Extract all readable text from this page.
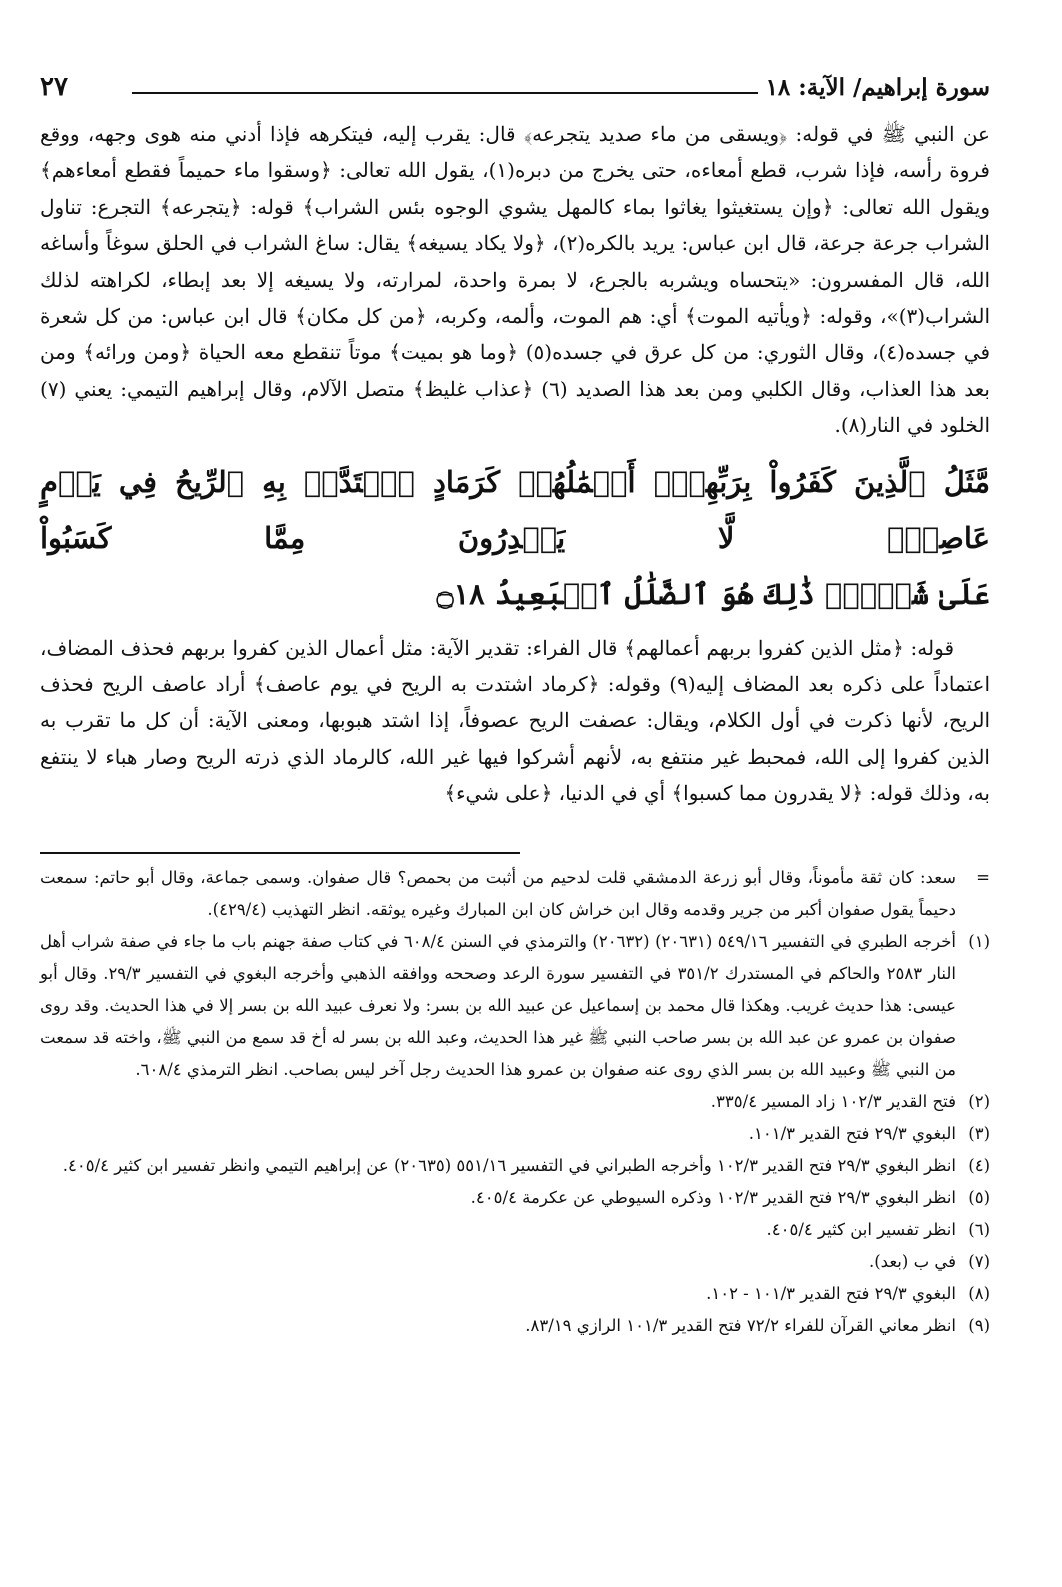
سورة إبراهيم/ الآية: ١٨
٢٧

عن النبي ﷺ في قوله: ﴿ويسقى من ماء صديد يتجرعه﴾ قال: يقرب إليه، فيتكرهه فإذا أدني منه هوى وجهه، ووقع فروة رأسه، فإذا شرب، قطع أمعاءه، حتى يخرج من دبره(١)، يقول الله تعالى: ﴿وسقوا ماء حميماً فقطع أمعاءهم﴾ ويقول الله تعالى: ﴿وإن يستغيثوا يغاثوا بماء كالمهل يشوي الوجوه بئس الشراب﴾ قوله: ﴿يتجرعه﴾ التجرع: تناول الشراب جرعة جرعة، قال ابن عباس: يريد بالكره(٢)، ﴿ولا يكاد يسيغه﴾ يقال: ساغ الشراب في الحلق سوغاً وأساغه الله، قال المفسرون: «يتحساه ويشربه بالجرع، لا بمرة واحدة، لمرارته، ولا يسيغه إلا بعد إبطاء، لكراهته لذلك الشراب(٣)»، وقوله: ﴿ويأتيه الموت﴾ أي: هم الموت، وألمه، وكربه، ﴿من كل مكان﴾ قال ابن عباس: من كل شعرة في جسده(٤)، وقال الثوري: من كل عرق في جسده(٥) ﴿وما هو بميت﴾ موتاً تنقطع معه الحياة ﴿ومن ورائه﴾ ومن بعد هذا العذاب، وقال الكلبي ومن بعد هذا الصديد (٦) ﴿عذاب غليظ﴾ متصل الآلام، وقال إبراهيم التيمي: يعني (٧) الخلود في النار(٨).

مَّثَلُ ٱلَّذِينَ كَفَرُواْ بِرَبِّهِمۡۖ أَعۡمَٰلُهُمۡ كَرَمَادٍ ٱشۡتَدَّتۡ بِهِ ٱلرِّيحُ فِي يَوۡمٍ عَاصِفٖۖ لَّا يَقۡدِرُونَ مِمَّا كَسَبُواْ
عَلَىٰ شَيۡءٖۚ ذَٰلِكَ هُوَ ٱلضَّلَٰلُ ٱلۡبَعِيدُ ۝١٨

قوله: ﴿مثل الذين كفروا بربهم أعمالهم﴾ قال الفراء: تقدير الآية: مثل أعمال الذين كفروا بربهم فحذف المضاف، اعتماداً على ذكره بعد المضاف إليه(٩) وقوله: ﴿كرماد اشتدت به الريح في يوم عاصف﴾ أراد عاصف الريح فحذف الريح، لأنها ذكرت في أول الكلام، ويقال: عصفت الريح عصوفاً، إذا اشتد هبوبها، ومعنى الآية: أن كل ما تقرب به الذين كفروا إلى الله، فمحبط غير منتفع به، لأنهم أشركوا فيها غير الله، كالرماد الذي ذرته الريح وصار هباء لا ينتفع به، وذلك قوله: ﴿لا يقدرون مما كسبوا﴾ أي في الدنيا، ﴿على شيء﴾

=
سعد: كان ثقة مأموناً، وقال أبو زرعة الدمشقي قلت لدحيم من أثبت من بحمص؟ قال صفوان. وسمى جماعة، وقال أبو حاتم: سمعت دحيماً يقول صفوان أكبر من جرير وقدمه وقال ابن خراش كان ابن المبارك وغيره يوثقه. انظر التهذيب (٤٢٩/٤).
(١)
أخرجه الطبري في التفسير ٥٤٩/١٦ (٢٠٦٣١) (٢٠٦٣٢) والترمذي في السنن ٦٠٨/٤ في كتاب صفة جهنم باب ما جاء في صفة شراب أهل النار ٢٥٨٣ والحاكم في المستدرك ٣٥١/٢ في التفسير سورة الرعد وصححه ووافقه الذهبي وأخرجه البغوي في التفسير ٢٩/٣. وقال أبو عيسى: هذا حديث غريب. وهكذا قال محمد بن إسماعيل عن عبيد الله بن بسر: ولا نعرف عبيد الله بن بسر إلا في هذا الحديث. وقد روى صفوان بن عمرو عن عبد الله بن بسر صاحب النبي ﷺ غير هذا الحديث، وعبد الله بن بسر له أخ قد سمع من النبي ﷺ، واخته قد سمعت من النبي ﷺ وعبيد الله بن بسر الذي روى عنه صفوان بن عمرو هذا الحديث رجل آخر ليس بصاحب. انظر الترمذي ٦٠٨/٤.
(٢)
فتح القدير ١٠٢/٣ زاد المسير ٣٣٥/٤.
(٣)
البغوي ٢٩/٣ فتح القدير ١٠١/٣.
(٤)
انظر البغوي ٢٩/٣ فتح القدير ١٠٢/٣ وأخرجه الطبراني في التفسير ٥٥١/١٦ (٢٠٦٣٥) عن إبراهيم التيمي وانظر تفسير ابن كثير ٤٠٥/٤.
(٥)
انظر البغوي ٢٩/٣ فتح القدير ١٠٢/٣ وذكره السيوطي عن عكرمة ٤٠٥/٤.
(٦)
انظر تفسير ابن كثير ٤٠٥/٤.
(٧)
في ب (بعد).
(٨)
البغوي ٢٩/٣ فتح القدير ١٠١/٣ - ١٠٢.
(٩)
انظر معاني القرآن للفراء ٧٢/٢ فتح القدير ١٠١/٣ الرازي ٨٣/١٩.
